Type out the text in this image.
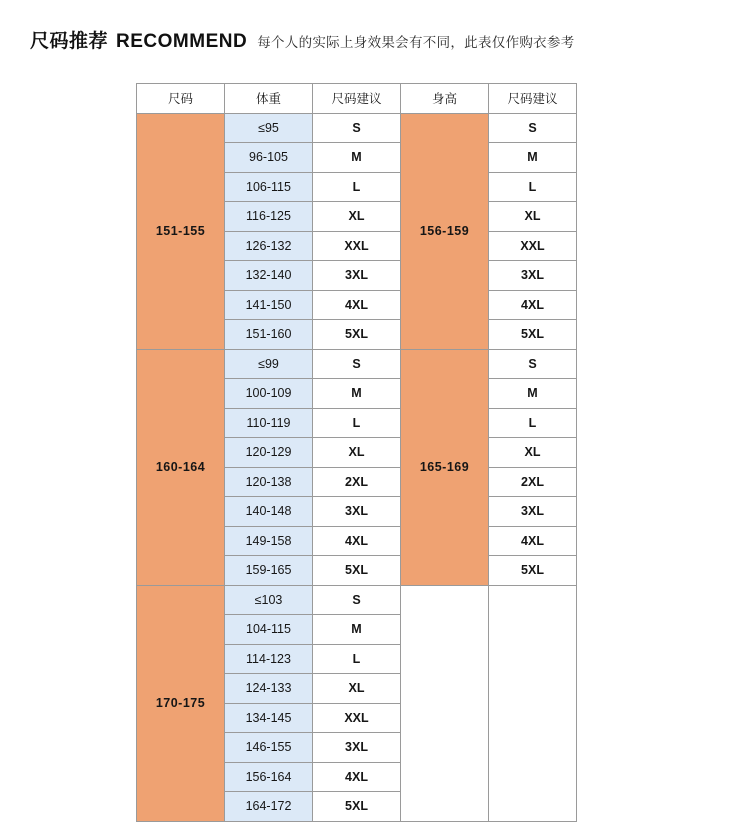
尺码推荐 RECOMMEND 每个人的实际上身效果会有不同，此表仅作购衣参考
尺码	体重	尺码建议	身高	尺码建议
151-155	≤95	S	156-159	S
	96-105	M		M
	106-115	L		L
	116-125	XL		XL
	126-132	XXL		XXL
	132-140	3XL		3XL
	141-150	4XL		4XL
	151-160	5XL		5XL
160-164	≤99	S	165-169	S
	100-109	M		M
	110-119	L		L
	120-129	XL		XL
	120-138	2XL		2XL
	140-148	3XL		3XL
	149-158	4XL		4XL
	159-165	5XL		5XL
170-175	≤103	S		
	104-115	M		
	114-123	L		
	124-133	XL		
	134-145	XXL		
	146-155	3XL		
	156-164	4XL		
	164-172	5XL		
